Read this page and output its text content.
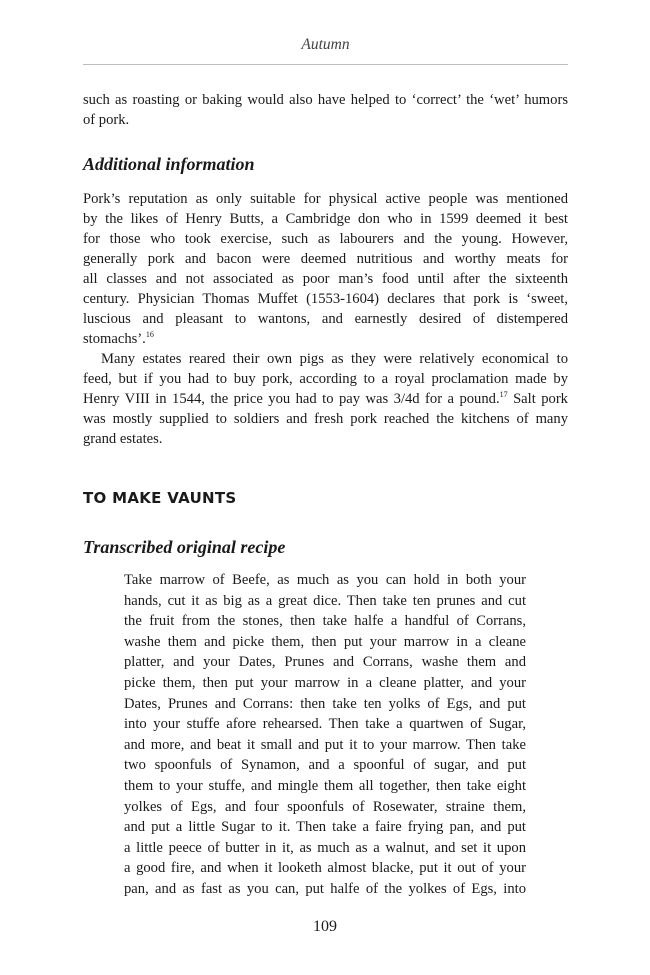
Autumn

such as roasting or baking would also have helped to ‘correct’ the ‘wet’ humors
of pork.

Additional information

Pork’s reputation as only suitable for physical active people was mentioned
by the likes of Henry Butts, a Cambridge don who in 1599 deemed it best
for those who took exercise, such as labourers and the young. However,
generally pork and bacon were deemed nutritious and worthy meats for
all classes and not associated as poor man’s food until after the sixteenth
century. Physician Thomas Muffet (1553-1604) declares that pork is ‘sweet,
luscious and pleasant to wantons, and earnestly desired of distempered
stomachs’.$^{16}$

Many estates reared their own pigs as they were relatively economical to
feed, but if you had to buy pork, according to a royal proclamation made by
Henry VIII in 1544, the price you had to pay was 3/4d for a pound.$^{17}$ Salt pork
was mostly supplied to soldiers and fresh pork reached the kitchens of many
grand estates.

TO MAKE VAUNTS
Transcribed original recipe
Take marrow of Beefe, as much as you can hold in both your
hands, cut it as big as a great dice. Then take ten prunes and cut
the fruit from the stones, then take halfe a handful of Corrans,
washe them and picke them, then put your marrow in a cleane
platter, and your Dates, Prunes and Corrans, washe them and
picke them, then put your marrow in a cleane platter, and your
Dates, Prunes and Corrans: then take ten yolks of Egs, and put
into your stuffe afore rehearsed. Then take a quartwen of Sugar,
and more, and beat it small and put it to your marrow. Then take
two spoonfuls of Synamon, and a spoonful of sugar, and put
them to your stuffe, and mingle them all together, then take eight
yolkes of Egs, and four spoonfuls of Rosewater, straine them,
and put a little Sugar to it. Then take a faire frying pan, and put
a little peece of butter in it, as much as a walnut, and set it upon
a good fire, and when it looketh almost blacke, put it out of your
pan, and as fast as you can, put halfe of the yolkes of Egs, into
109
